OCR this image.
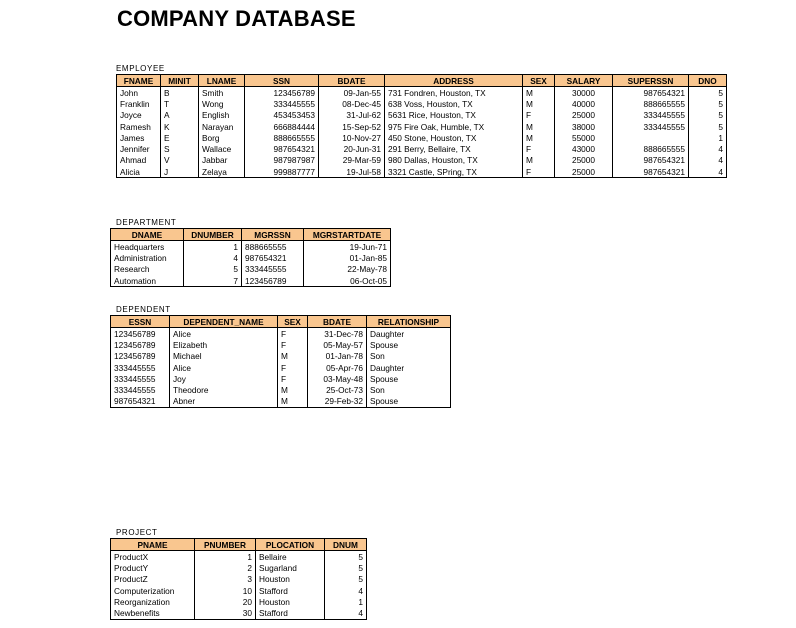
COMPANY DATABASE
EMPLOYEE
FNAME	MINIT	LNAME	SSN	BDATE	ADDRESS	SEX	SALARY	SUPERSSN	DNO
John	B	Smith	123456789	09-Jan-55	731 Fondren, Houston, TX	M	30000	987654321	5
Franklin	T	Wong	333445555	08-Dec-45	638 Voss, Houston, TX	M	40000	888665555	5
Joyce	A	English	453453453	31-Jul-62	5631 Rice, Houston, TX	F	25000	333445555	5
Ramesh	K	Narayan	666884444	15-Sep-52	975 Fire Oak, Humble, TX	M	38000	333445555	5
James	E	Borg	888665555	10-Nov-27	450 Stone, Houston, TX	M	55000		1
Jennifer	S	Wallace	987654321	20-Jun-31	291 Berry, Bellaire, TX	F	43000	888665555	4
Ahmad	V	Jabbar	987987987	29-Mar-59	980 Dallas, Houston, TX	M	25000	987654321	4
Alicia	J	Zelaya	999887777	19-Jul-58	3321 Castle, SPring, TX	F	25000	987654321	4
DEPARTMENT
DNAME	DNUMBER	MGRSSN	MGRSTARTDATE
Headquarters	1	888665555	19-Jun-71
Administration	4	987654321	01-Jan-85
Research	5	333445555	22-May-78
Automation	7	123456789	06-Oct-05
DEPENDENT
ESSN	DEPENDENT_NAME	SEX	BDATE	RELATIONSHIP
123456789	Alice	F	31-Dec-78	Daughter
123456789	Elizabeth	F	05-May-57	Spouse
123456789	Michael	M	01-Jan-78	Son
333445555	Alice	F	05-Apr-76	Daughter
333445555	Joy	F	03-May-48	Spouse
333445555	Theodore	M	25-Oct-73	Son
987654321	Abner	M	29-Feb-32	Spouse
PROJECT
PNAME	PNUMBER	PLOCATION	DNUM
ProductX	1	Bellaire	5
ProductY	2	Sugarland	5
ProductZ	3	Houston	5
Computerization	10	Stafford	4
Reorganization	20	Houston	1
Newbenefits	30	Stafford	4
